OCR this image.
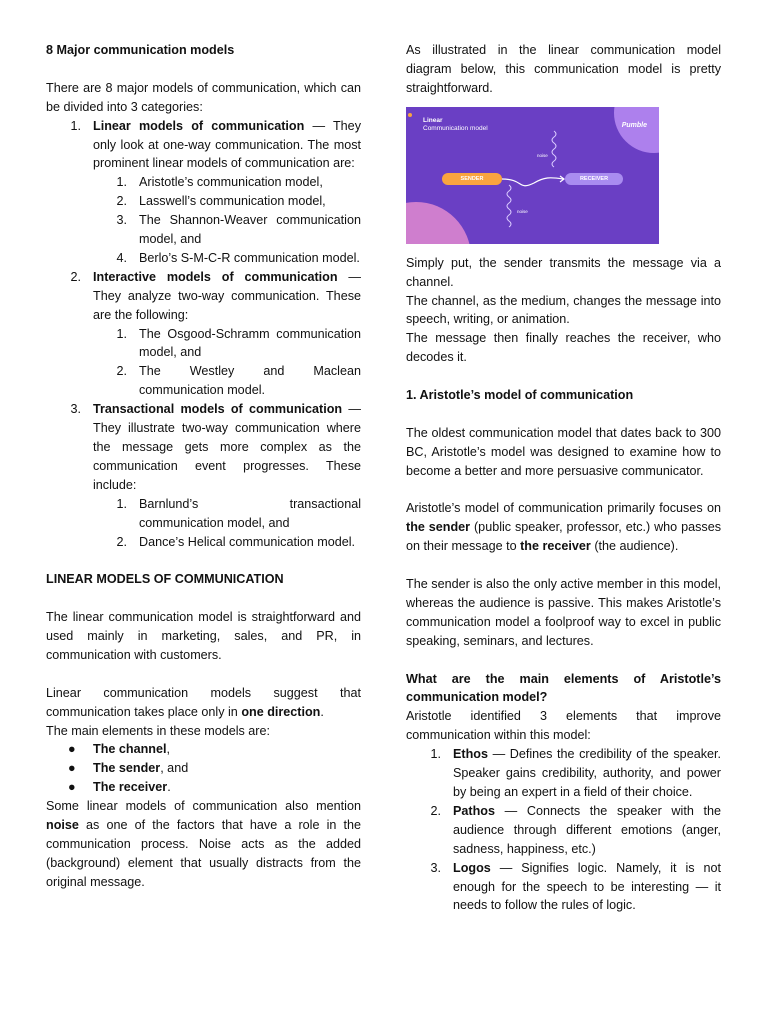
8 Major communication models

There are 8 major models of communication, which can be divided into 3 categories:

1. Linear models of communication — They only look at one-way communication. The most prominent linear models of communication are:
1. Aristotle’s communication model,
2. Lasswell’s communication model,
3. The Shannon-Weaver communication model, and
4. Berlo’s S-M-C-R communication model.
2. Interactive models of communication — They analyze two-way communication. These are the following:
1. The Osgood-Schramm communication model, and
2. The Westley and Maclean communication model.
3. Transactional models of communication — They illustrate two-way communication where the message gets more complex as the communication event progresses. These include:
1. Barnlund’s transactional communication model, and
2. Dance’s Helical communication model.

LINEAR MODELS OF COMMUNICATION

The linear communication model is straightforward and used mainly in marketing, sales, and PR, in communication with customers.

Linear communication models suggest that communication takes place only in one direction.

The main elements in these models are:

● The channel,
● The sender, and
● The receiver.

Some linear models of communication also mention noise as one of the factors that have a role in the communication process. Noise acts as the added (background) element that usually distracts from the original message.

As illustrated in the linear communication model diagram below, this communication model is pretty straightforward.

Linear
Communication model	Pumble
noise
noise
SENDER	RECEIVER

Simply put, the sender transmits the message via a channel.

The channel, as the medium, changes the message into speech, writing, or animation.

The message then finally reaches the receiver, who decodes it.

1. Aristotle’s model of communication

The oldest communication model that dates back to 300 BC, Aristotle’s model was designed to examine how to become a better and more persuasive communicator.

Aristotle’s model of communication primarily focuses on the sender (public speaker, professor, etc.) who passes on their message to the receiver (the audience).

The sender is also the only active member in this model, whereas the audience is passive. This makes Aristotle’s communication model a foolproof way to excel in public speaking, seminars, and lectures.

What are the main elements of Aristotle’s communication model?

Aristotle identified 3 elements that improve communication within this model:

1. Ethos — Defines the credibility of the speaker. Speaker gains credibility, authority, and power by being an expert in a field of their choice.
2. Pathos — Connects the speaker with the audience through different emotions (anger, sadness, happiness, etc.)
3. Logos — Signifies logic. Namely, it is not enough for the speech to be interesting — it needs to follow the rules of logic.
